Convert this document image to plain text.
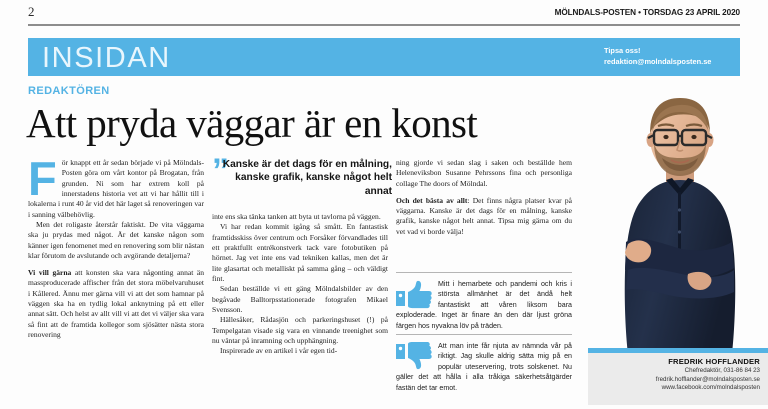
2	MÖLNDALS-POSTEN • TORSDAG 23 APRIL 2020
INSIDAN	Tipsa oss!
redaktion@molndalsposten.se
REDAKTÖREN
Att pryda väggar är en konst

För knappt ett år sedan började vi på Mölndals-Posten göra om vårt kontor på Brogatan, från grunden. Ni som har extrem koll på innerstadens historia vet att vi har hållit till i lokalerna i runt 40 år vid det här laget så renoveringen var i sanning välbehövlig.

Men det roligaste återstår faktiskt. De vita väggarna ska ju prydas med något. Är det kanske någon som känner igen fenomenet med en renovering som blir nästan klar förutom de avslutande och avgörande detaljerna?

Vi vill gärna att konsten ska vara någonting annat än massproducerade affischer från det stora möbelvaruhuset i Kållered. Ännu mer gärna vill vi att det som hamnar på väggen ska ha en tydlig lokal anknytning på ett eller annat sätt. Och helst av allt vill vi att det vi väljer ska vara så fint att de framtida kollegor som sjösätter nästa stora renovering

”
Kanske är det dags för en målning, kanske grafik, kanske något helt annat

inte ens ska tänka tanken att byta ut tavlorna på väggen.

Vi har redan kommit igång så smått. En fantastisk framtidsskiss över centrum och Forsåker förvandlades till ett praktfullt entrékonstverk tack vare fotobutiken på hörnet. Jag vet inte ens vad tekniken kallas, men det är lite glasartat och metalliskt på samma gång – och väldigt fint.

Sedan beställde vi ett gäng Mölndalsbilder av den begåvade Balltorpsstationerade fotografen Mikael Svensson.

Hällesåker, Rådasjön och parkeringshuset (!) på Tempelgatan visade sig vara en vinnande treenighet som nu väntar på inramning och upphängning.

Inspirerade av en artikel i vår egen tid-

ning gjorde vi sedan slag i saken och beställde hem Heleneviksbon Susanne Pehrssons fina och personliga collage The doors of Mölndal.

Och det bästa av allt: Det finns några platser kvar på väggarna. Kanske är det dags för en målning, kanske grafik, kanske något helt annat. Tipsa mig gärna om du vet vad vi borde välja!

Mitt i hemarbete och pandemi och kris i största allmänhet är det ändå helt fantastiskt att våren liksom bara exploderade. Inget är finare än den där ljust gröna färgen hos nyvakna löv på träden.
Att man inte får njuta av nämnda vår på riktigt. Jag skulle aldrig sätta mig på en populär uteservering, trots solskenet. Nu gäller det att hålla i alla tråkiga säkerhetsåtgärder fastän det tar emot.
FREDRIK HOFFLANDER
Chefredaktör, 031-86 84 23
fredrik.hofflander@molndalsposten.se
www.facebook.com/molndalsposten
